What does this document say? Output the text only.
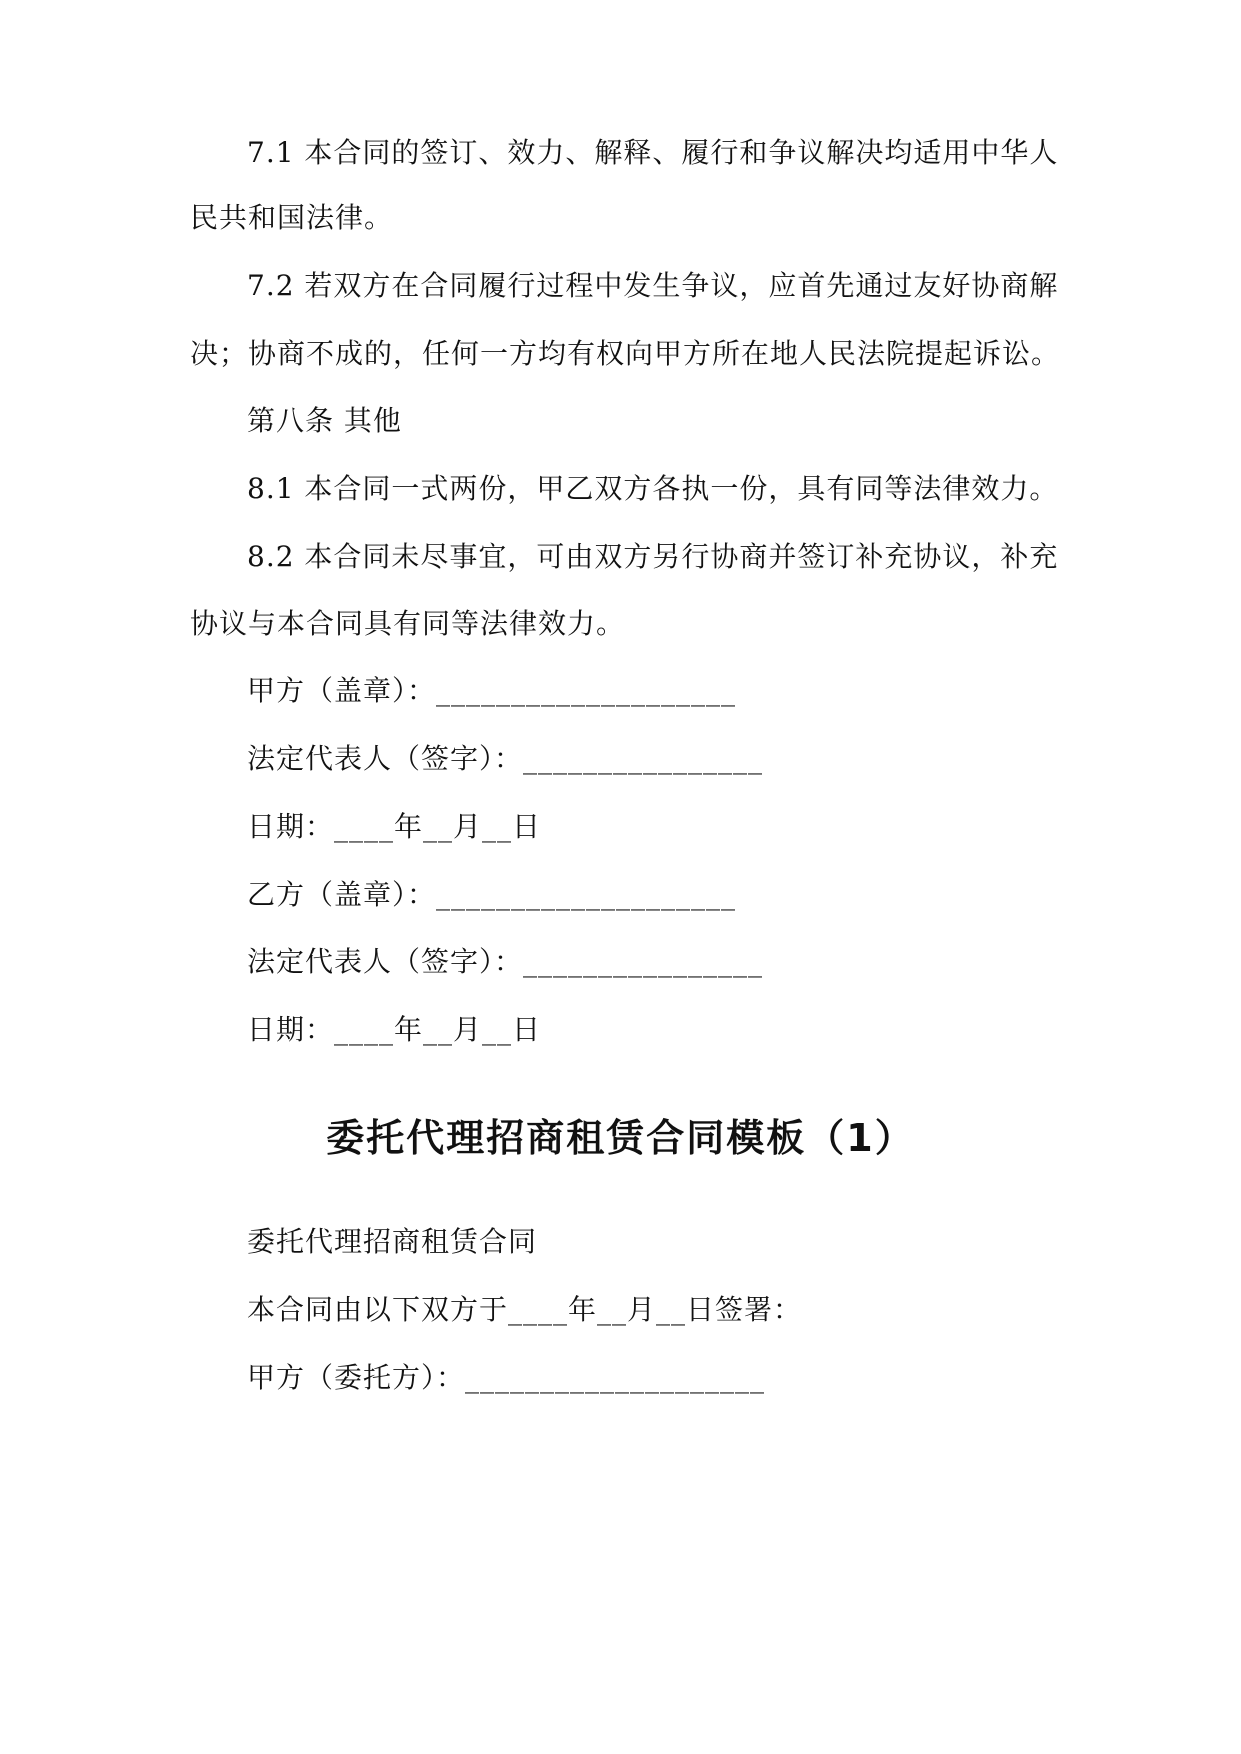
7.1 本合同的签订、效力、解释、履行和争议解决均适用中华人
民共和国法律。
7.2 若双方在合同履行过程中发生争议，应首先通过友好协商解
决；协商不成的，任何一方均有权向甲方所在地人民法院提起诉讼。
第八条 其他
8.1 本合同一式两份，甲乙双方各执一份，具有同等法律效力。
8.2 本合同未尽事宜，可由双方另行协商并签订补充协议，补充
协议与本合同具有同等法律效力。
甲方（盖章）：____________________
法定代表人（签字）：________________
日期：____年__月__日
乙方（盖章）：____________________
法定代表人（签字）：________________
日期：____年__月__日
委托代理招商租赁合同模板（1）
委托代理招商租赁合同
本合同由以下双方于____年__月__日签署：
甲方（委托方）：____________________
